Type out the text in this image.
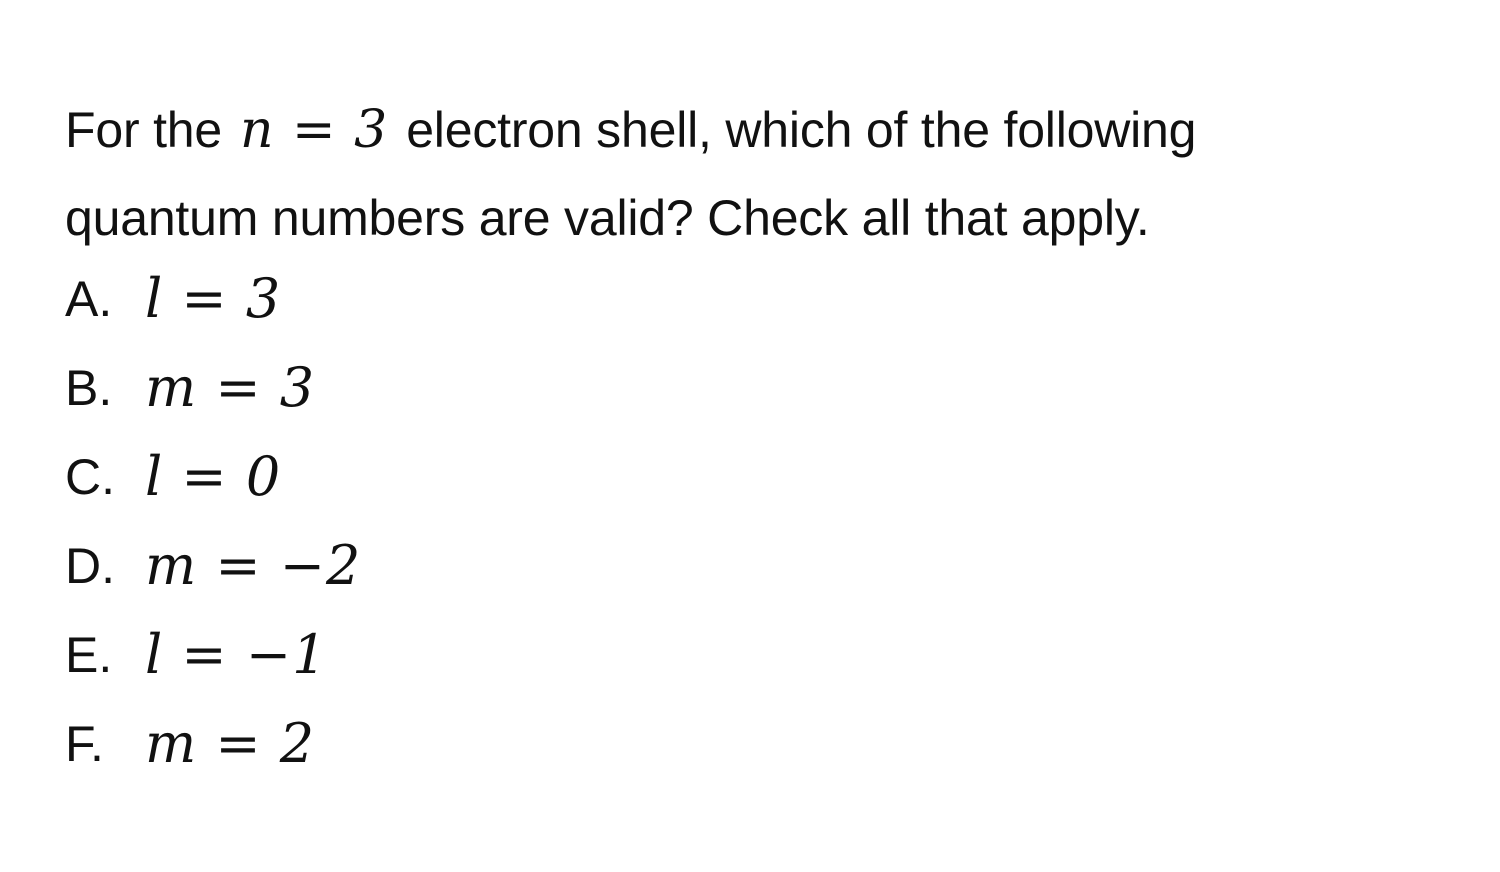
For the n = 3 electron shell, which of the following
quantum numbers are valid? Check all that apply.
A. l = 3
B. m = 3
C. l = 0
D. m = −2
E. l = −1
F. m = 2
